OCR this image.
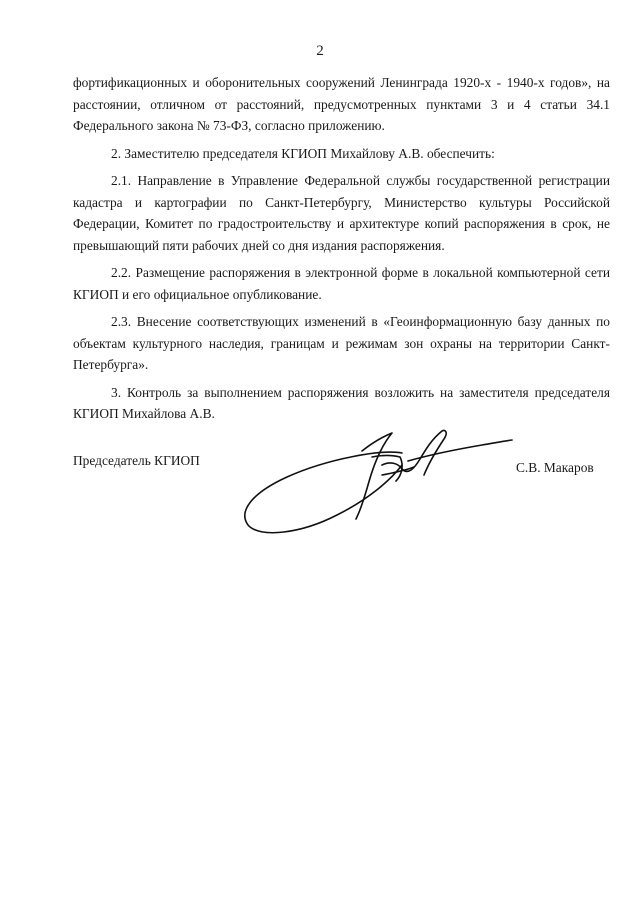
2

фортификационных и оборонительных сооружений Ленинграда 1920-х - 1940-х годов», на расстоянии, отличном от расстояний, предусмотренных пунктами 3 и 4 статьи 34.1 Федерального закона № 73-ФЗ, согласно приложению.

2. Заместителю председателя КГИОП Михайлову А.В. обеспечить:

2.1. Направление в Управление Федеральной службы государственной регистрации кадастра и картографии по Санкт-Петербургу, Министерство культуры Российской Федерации, Комитет по градостроительству и архитектуре копий распоряжения в срок, не превышающий пяти рабочих дней со дня издания распоряжения.

2.2. Размещение распоряжения в электронной форме в локальной компьютерной сети КГИОП и его официальное опубликование.

2.3. Внесение соответствующих изменений в «Геоинформационную базу данных по объектам культурного наследия, границам и режимам зон охраны на территории Санкт-Петербурга».

3. Контроль за выполнением распоряжения возложить на заместителя председателя КГИОП Михайлова А.В.

Председатель КГИОП	С.В. Макаров
